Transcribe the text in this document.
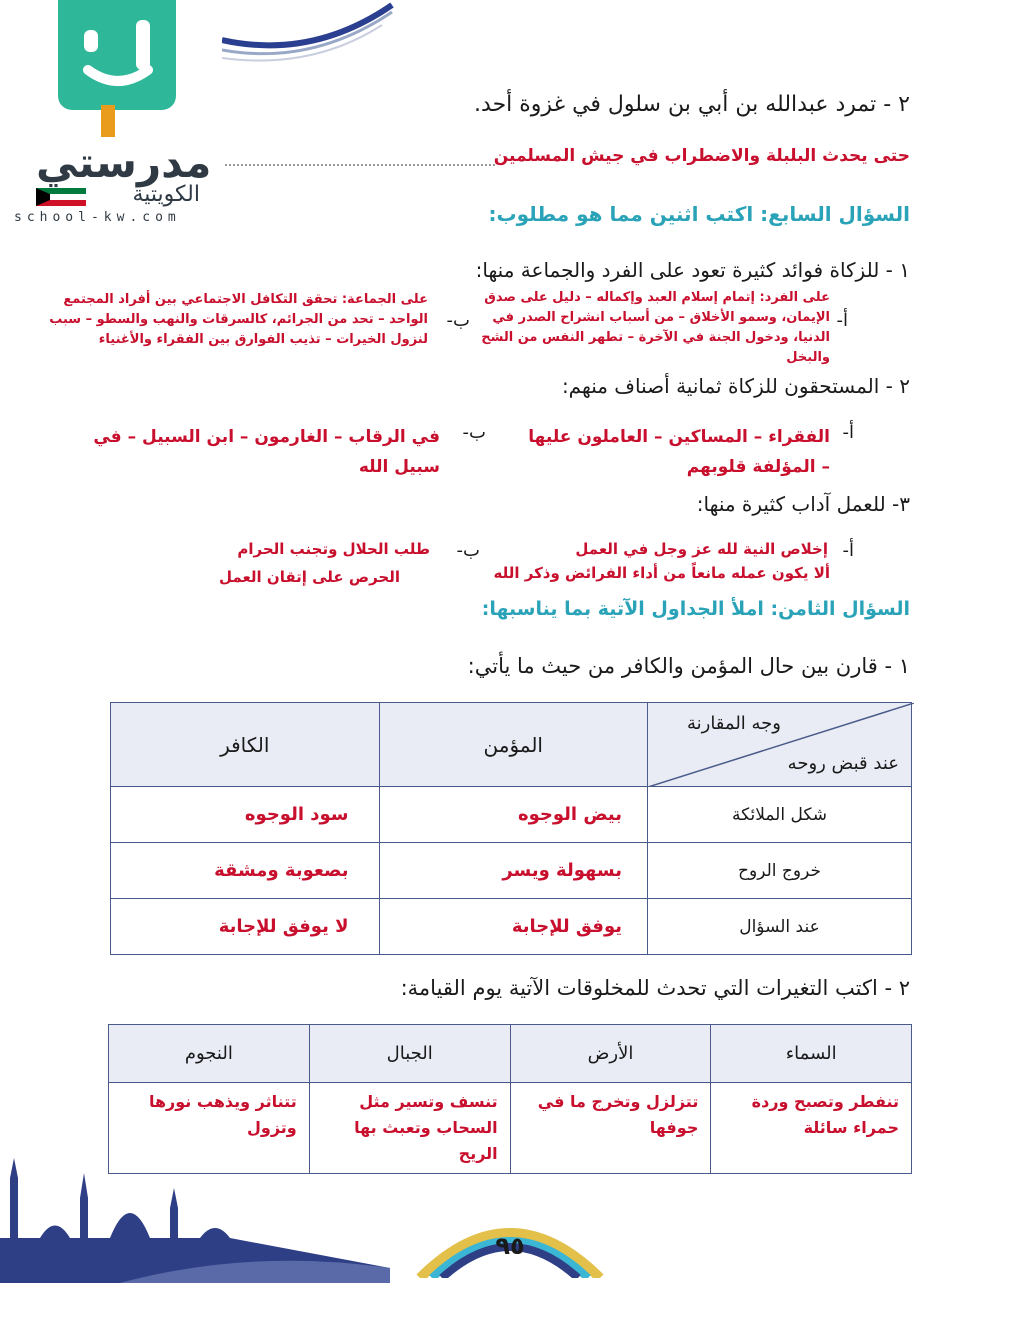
مدرستي
الكويتية
school-kw.com
٢ - تمرد عبدالله بن أبي بن سلول في غزوة أحد.
حتى يحدث البلبلة والاضطراب في جيش المسلمين
السؤال السابع: اكتب اثنين مما هو مطلوب:
١ - للزكاة فوائد كثيرة تعود على الفرد والجماعة منها:
أ-
على الفرد: إتمام إسلام العبد وإكماله – دليل على صدق الإيمان، وسمو الأخلاق – من أسباب انشراح الصدر في الدنيا، ودخول الجنة في الآخرة – تطهر النفس من الشح والبخل
ب-
على الجماعة: تحقق التكافل الاجتماعي بين أفراد المجتمع الواحد – تحد من الجرائم، كالسرقات والنهب والسطو – سبب لنزول الخيرات – تذيب الفوارق بين الفقراء والأغنياء
٢ - المستحقون للزكاة ثمانية أصناف منهم:
أ-
الفقراء – المساكين – العاملون عليها – المؤلفة قلوبهم
ب-
في الرقاب – الغارمون – ابن السبيل – في سبيل الله
٣- للعمل آداب كثيرة منها:
أ-
إخلاص النية لله عز وجل في العمل
ألا يكون عمله مانعاً من أداء الفرائض وذكر الله
ب-
طلب الحلال وتجنب الحرام
الحرص على إتقان العمل
السؤال الثامن: املأ الجداول الآتية بما يناسبها:
١ - قارن بين حال المؤمن والكافر من حيث ما يأتي:
الكافر	المؤمن	وجه المقارنة
عند قبض روحه

سود الوجوه	بيض الوجوه	شكل الملائكة
بصعوبة ومشقة	بسهولة ويسر	خروج الروح
لا يوفق للإجابة	يوفق للإجابة	عند السؤال
٢ - اكتب التغيرات التي تحدث للمخلوقات الآتية يوم القيامة:
النجوم	الجبال	الأرض	السماء
تتناثر ويذهب نورها وتزول	تنسف وتسير مثل السحاب وتعبث بها الريح	تتزلزل وتخرج ما في جوفها	تنفطر وتصبح وردة حمراء سائلة
٩٥
